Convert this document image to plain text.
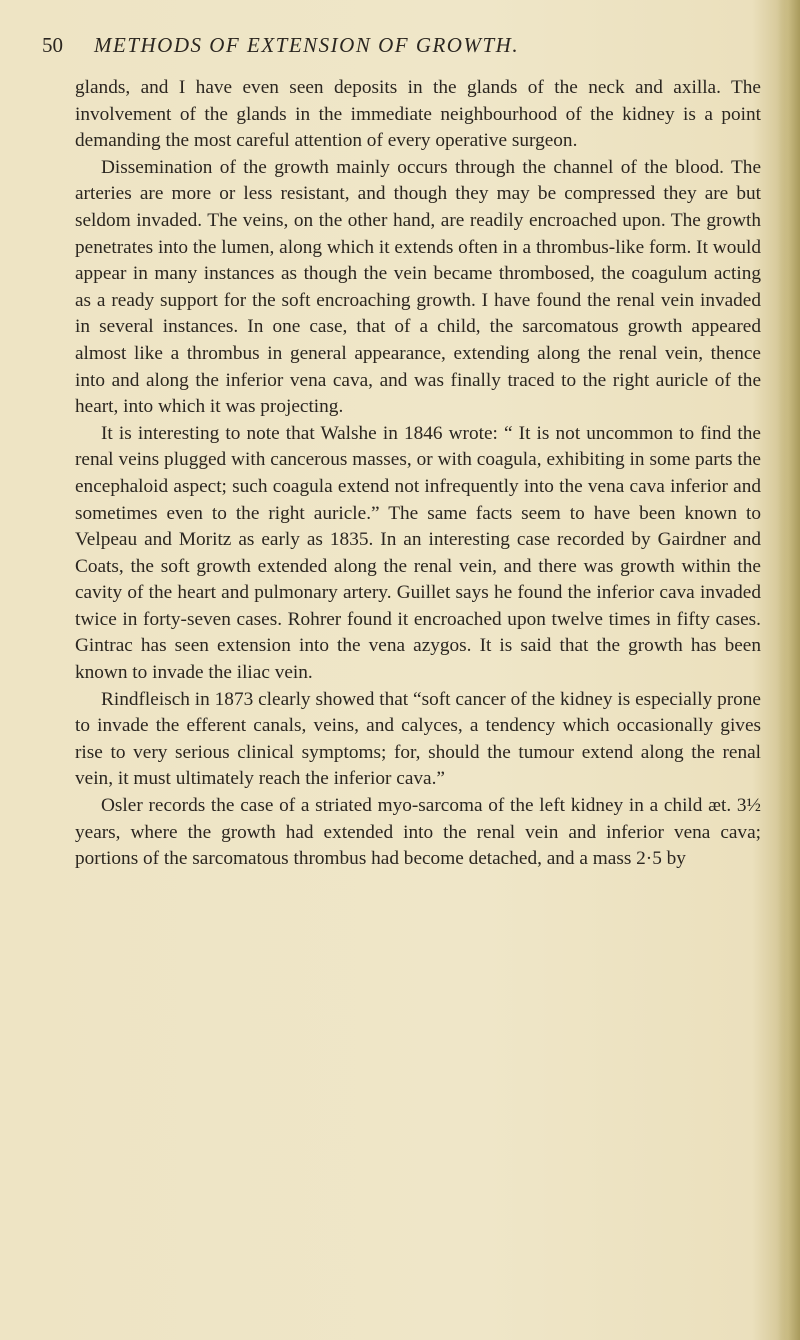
50 METHODS OF EXTENSION OF GROWTH.

glands, and I have even seen deposits in the glands of the neck and axilla. The involvement of the glands in the immediate neighbourhood of the kidney is a point demanding the most careful attention of every operative surgeon.

Dissemination of the growth mainly occurs through the channel of the blood. The arteries are more or less resistant, and though they may be compressed they are but seldom invaded. The veins, on the other hand, are readily encroached upon. The growth penetrates into the lumen, along which it extends often in a thrombus-like form. It would appear in many instances as though the vein became thrombosed, the coagulum acting as a ready support for the soft encroaching growth. I have found the renal vein invaded in several instances. In one case, that of a child, the sarcomatous growth appeared almost like a thrombus in general appearance, extending along the renal vein, thence into and along the inferior vena cava, and was finally traced to the right auricle of the heart, into which it was projecting.

It is interesting to note that Walshe in 1846 wrote: “ It is not uncommon to find the renal veins plugged with cancerous masses, or with coagula, exhibiting in some parts the encephaloid aspect; such coagula extend not infrequently into the vena cava inferior and sometimes even to the right auricle.” The same facts seem to have been known to Velpeau and Moritz as early as 1835. In an interesting case recorded by Gairdner and Coats, the soft growth extended along the renal vein, and there was growth within the cavity of the heart and pulmonary artery. Guillet says he found the inferior cava invaded twice in forty-seven cases. Rohrer found it encroached upon twelve times in fifty cases. Gintrac has seen extension into the vena azygos. It is said that the growth has been known to invade the iliac vein.

Rindfleisch in 1873 clearly showed that “soft cancer of the kidney is especially prone to invade the efferent canals, veins, and calyces, a tendency which occasionally gives rise to very serious clinical symptoms; for, should the tumour extend along the renal vein, it must ultimately reach the inferior cava.”

Osler records the case of a striated myo-sarcoma of the left kidney in a child æt. 3½ years, where the growth had extended into the renal vein and inferior vena cava; portions of the sarcomatous thrombus had become detached, and a mass 2·5 by
